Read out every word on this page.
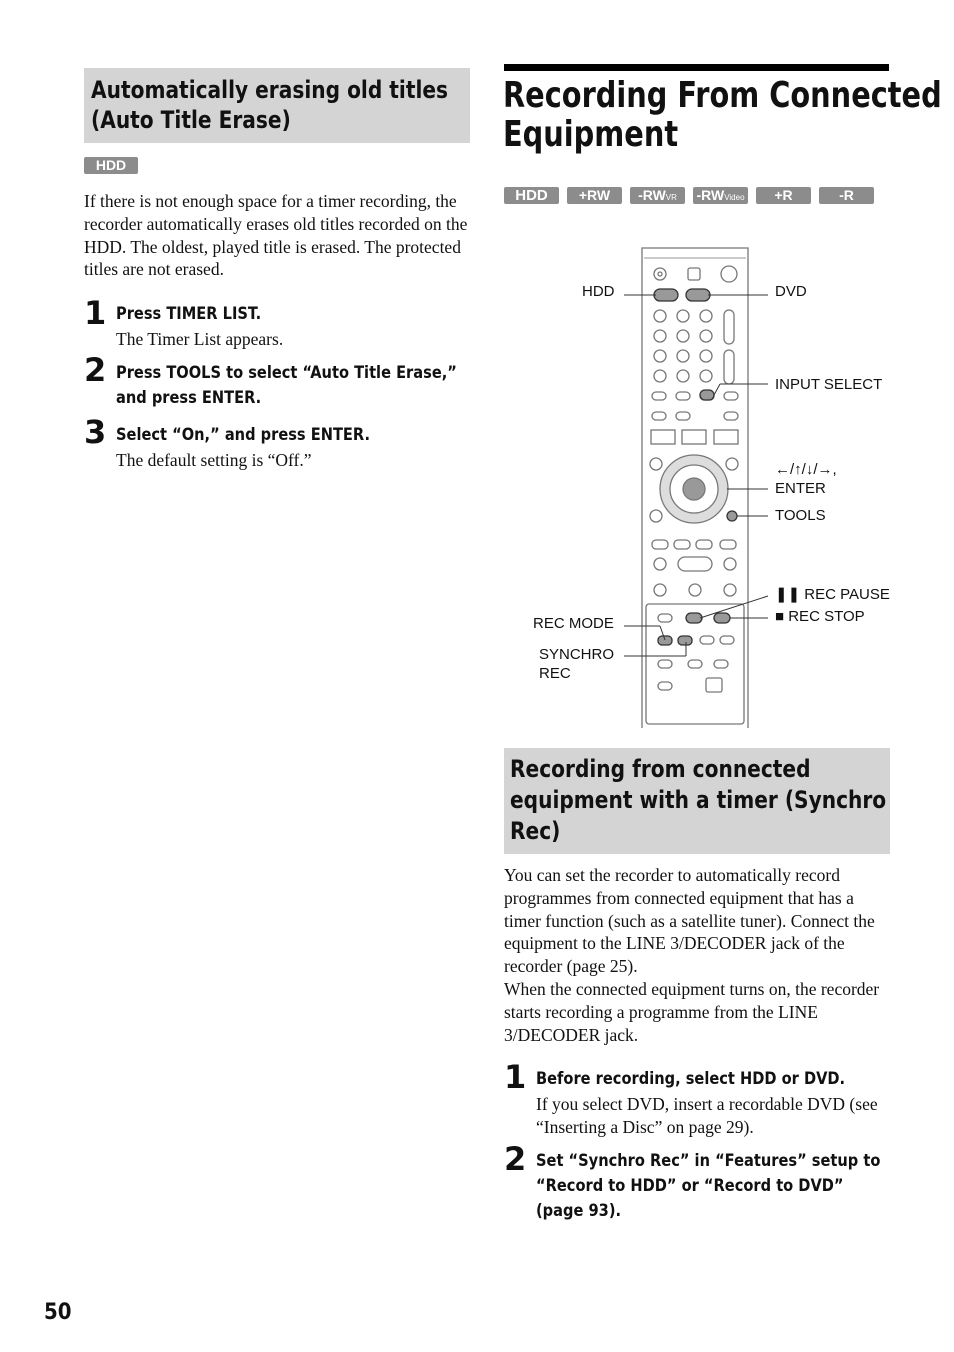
Automatically erasing old titles
(Auto Title Erase)
HDD
If there is not enough space for a timer recording, the recorder automatically erases old titles recorded on the HDD. The oldest, played title is erased. The protected titles are not erased.
1 Press TIMER LIST.
The Timer List appears.
2 Press TOOLS to select “Auto Title Erase,”
and press ENTER.
3 Select “On,” and press ENTER.
The default setting is “Off.”
Recording From Connected
Equipment
HDD	+RW	-RWVR	-RWVideo	+R	-R
HDD	DVD
INPUT SELECT
←/↑/↓/→,
ENTER
TOOLS
❚❚ REC PAUSE
■ REC STOP
REC MODE
SYNCHRO
REC
Recording from connected
equipment with a timer (Synchro
Rec)
You can set the recorder to automatically record programmes from connected equipment that has a timer function (such as a satellite tuner). Connect the equipment to the LINE 3/DECODER jack of the recorder (page 25).
When the connected equipment turns on, the recorder starts recording a programme from the LINE 3/DECODER jack.
1 Before recording, select HDD or DVD.
If you select DVD, insert a recordable DVD (see “Inserting a Disc” on page 29).
2 Set “Synchro Rec” in “Features” setup to
“Record to HDD” or “Record to DVD”
(page 93).
50
